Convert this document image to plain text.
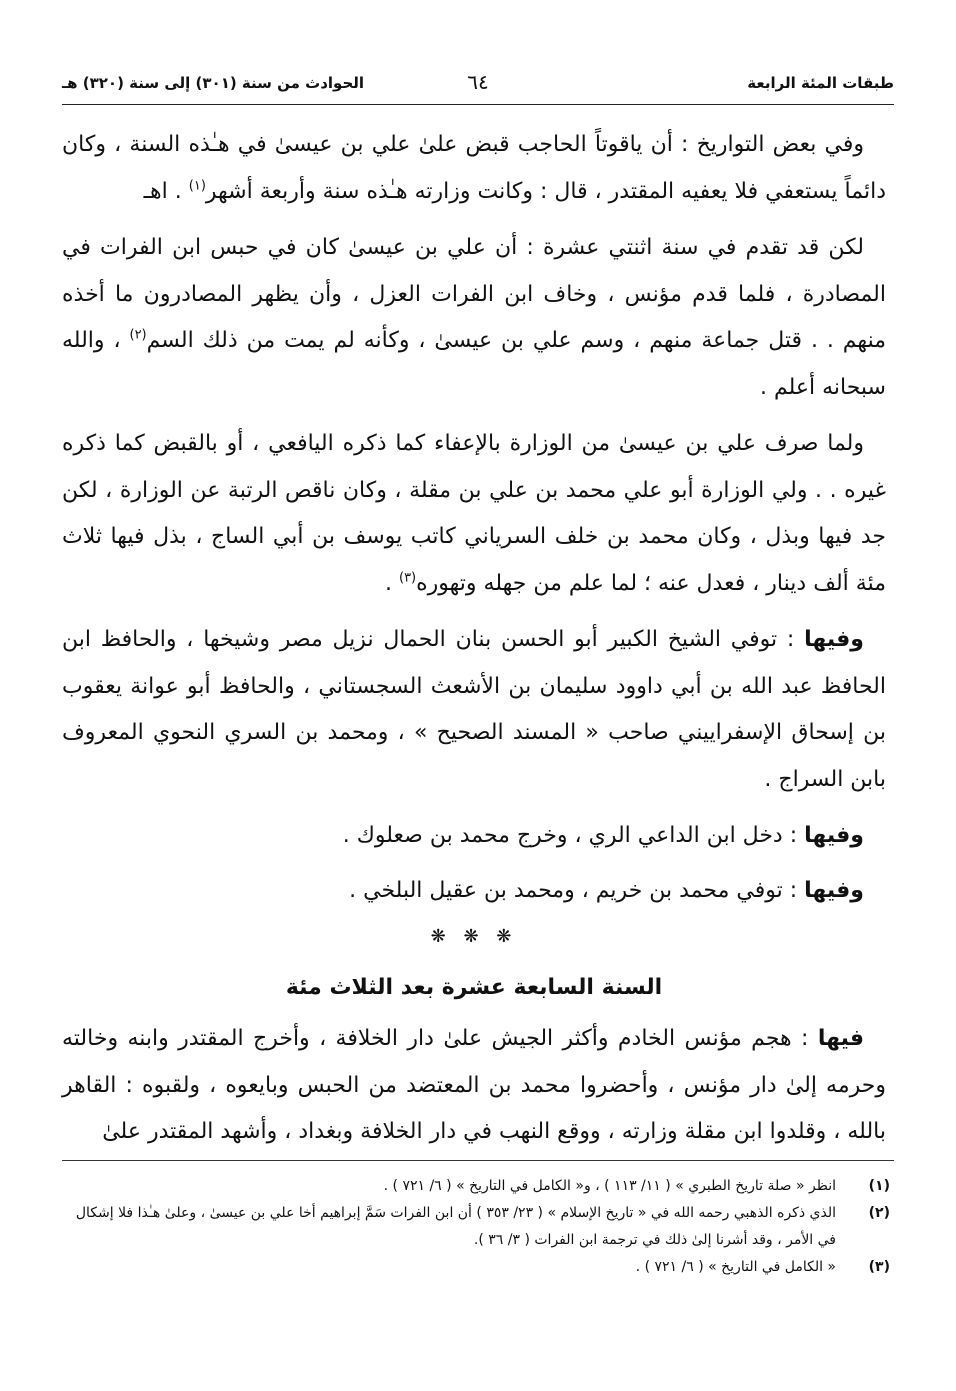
طبقات المئة الرابعة
٦٤
الحوادث من سنة (٣٠١) إلى سنة (٣٢٠) هـ

وفي بعض التواريخ : أن ياقوتاً الحاجب قبض علىٰ علي بن عيسىٰ في هـٰذه السنة ، وكان دائماً يستعفي فلا يعفيه المقتدر ، قال : وكانت وزارته هـٰذه سنة وأربعة أشهر$^{(١)}$ . اهـ

لكن قد تقدم في سنة اثنتي عشرة : أن علي بن عيسىٰ كان في حبس ابن الفرات في المصادرة ، فلما قدم مؤنس ، وخاف ابن الفرات العزل ، وأن يظهر المصادرون ما أخذه منهم . . قتل جماعة منهم ، وسم علي بن عيسىٰ ، وكأنه لم يمت من ذلك السم$^{(٢)}$ ، والله سبحانه أعلم .

ولما صرف علي بن عيسىٰ من الوزارة بالإعفاء كما ذكره اليافعي ، أو بالقبض كما ذكره غيره . . ولي الوزارة أبو علي محمد بن علي بن مقلة ، وكان ناقص الرتبة عن الوزارة ، لكن جد فيها وبذل ، وكان محمد بن خلف السرياني كاتب يوسف بن أبي الساج ، بذل فيها ثلاث مئة ألف دينار ، فعدل عنه ؛ لما علم من جهله وتهوره$^{(٣)}$ .

وفيها : توفي الشيخ الكبير أبو الحسن بنان الحمال نزيل مصر وشيخها ، والحافظ ابن الحافظ عبد الله بن أبي داوود سليمان بن الأشعث السجستاني ، والحافظ أبو عوانة يعقوب بن إسحاق الإسفراييني صاحب « المسند الصحيح » ، ومحمد بن السري النحوي المعروف بابن السراج .

وفيها : دخل ابن الداعي الري ، وخرج محمد بن صعلوك .

وفيها : توفي محمد بن خريم ، ومحمد بن عقيل البلخي .

❋ ❋ ❋
السنة السابعة عشرة بعد الثلاث مئة

فيها : هجم مؤنس الخادم وأكثر الجيش علىٰ دار الخلافة ، وأخرج المقتدر وابنه وخالته وحرمه إلىٰ دار مؤنس ، وأحضروا محمد بن المعتضد من الحبس وبايعوه ، ولقبوه : القاهر بالله ، وقلدوا ابن مقلة وزارته ، ووقع النهب في دار الخلافة وبغداد ، وأشهد المقتدر علىٰ

(١)
انظر « صلة تاريخ الطبري » ( ١١/ ١١٣ ) ، و« الكامل في التاريخ » ( ٦/ ٧٢١ ) .

(٢)
الذي ذكره الذهبي رحمه الله في « تاريخ الإسلام » ( ٢٣/ ٣٥٣ ) أن ابن الفرات سَمَّ إبراهيم أخا علي بن عيسىٰ ، وعلىٰ هـٰذا فلا إشكال في الأمر ، وقد أشرنا إلىٰ ذلك في ترجمة ابن الفرات ( ٣/ ٣٦ ).

(٣)
« الكامل في التاريخ » ( ٦/ ٧٢١ ) .
